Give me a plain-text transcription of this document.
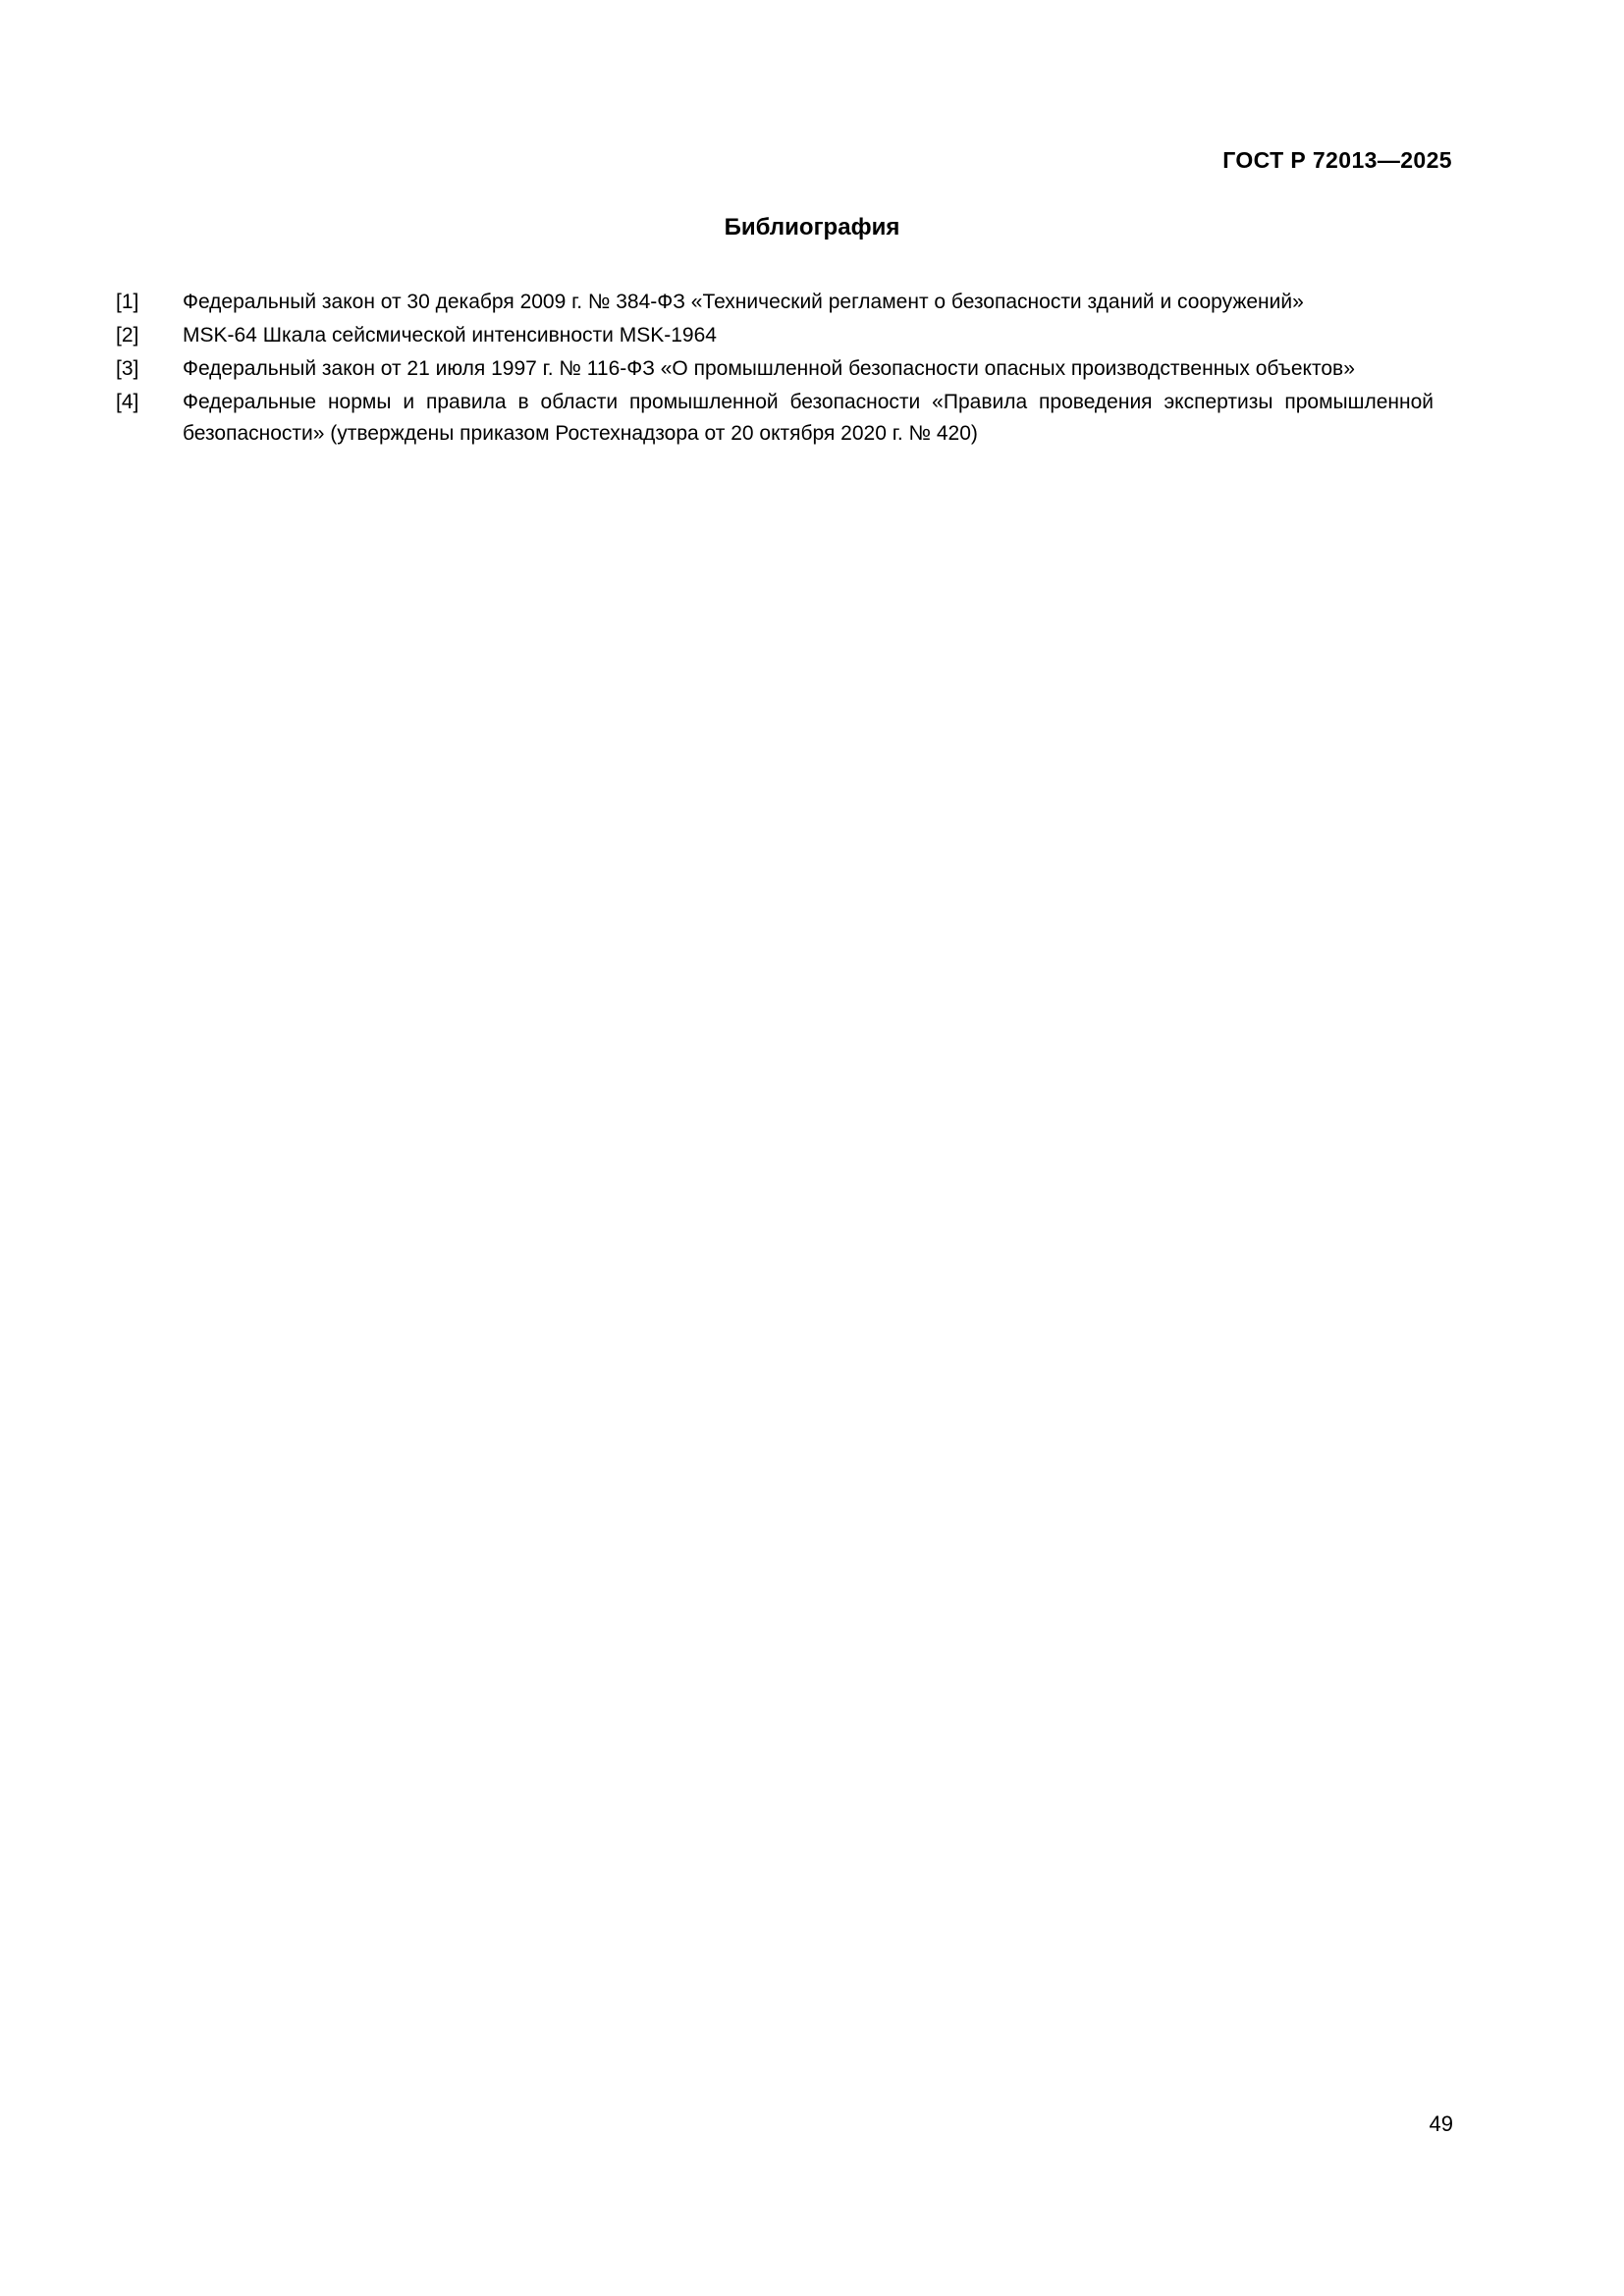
ГОСТ Р 72013—2025
Библиография
[1]	Федеральный закон от 30 декабря 2009 г. № 384-ФЗ «Технический регламент о безопасности зданий и сооружений»
[2]	MSK-64 Шкала сейсмической интенсивности MSK-1964
[3]	Федеральный закон от 21 июля 1997 г. № 116-ФЗ «О промышленной безопасности опасных производственных объектов»
[4]	Федеральные нормы и правила в области промышленной безопасности «Правила проведения экспертизы промышленной безопасности» (утверждены приказом Ростехнадзора от 20 октября 2020 г. № 420)
49
